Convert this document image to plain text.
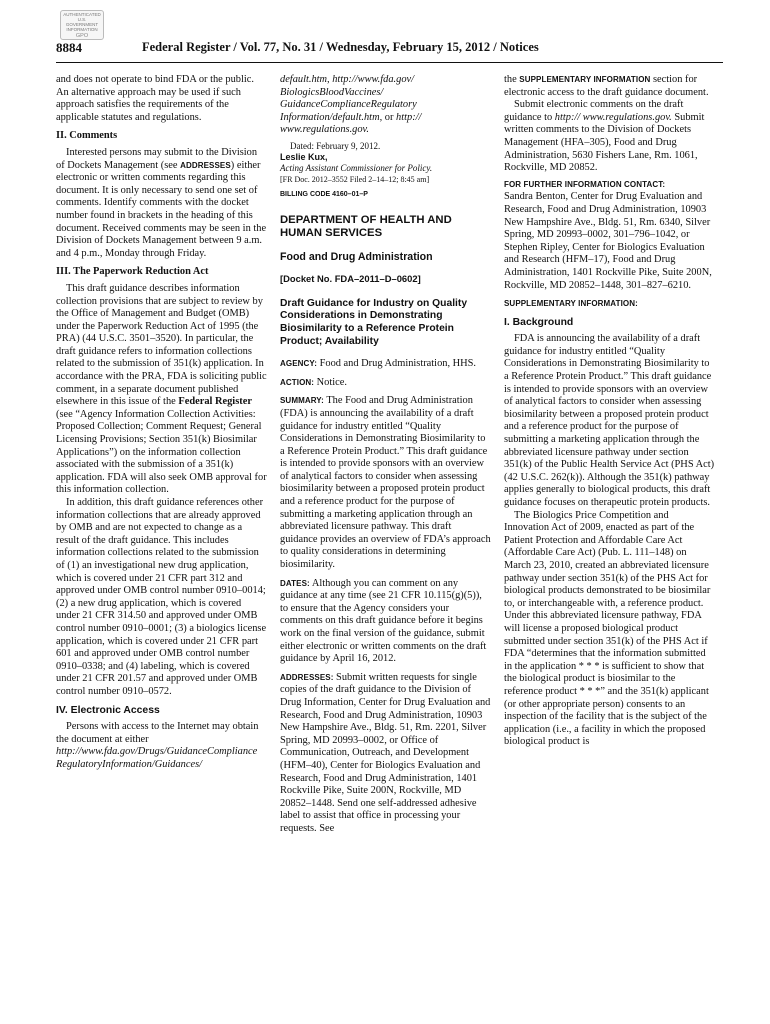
AUTHENTICATED
U.S. GOVERNMENT
INFORMATION
GPO
8884	Federal Register / Vol. 77, No. 31 / Wednesday, February 15, 2012 / Notices

and does not operate to bind FDA or the public. An alternative approach may be used if such approach satisfies the requirements of the applicable statutes and regulations.

II. Comments

Interested persons may submit to the Division of Dockets Management (see ADDRESSES) either electronic or written comments regarding this document. It is only necessary to send one set of comments. Identify comments with the docket number found in brackets in the heading of this document. Received comments may be seen in the Division of Dockets Management between 9 a.m. and 4 p.m., Monday through Friday.

III. The Paperwork Reduction Act

This draft guidance describes information collection provisions that are subject to review by the Office of Management and Budget (OMB) under the Paperwork Reduction Act of 1995 (the PRA) (44 U.S.C. 3501–3520). In particular, the draft guidance refers to information collections related to the submission of 351(k) application. In accordance with the PRA, FDA is soliciting public comment, in a separate document published elsewhere in this issue of the Federal Register (see “Agency Information Collection Activities: Proposed Collection; Comment Request; General Licensing Provisions; Section 351(k) Biosimilar Applications”) on the information collection associated with the submission of a 351(k) application. FDA will also seek OMB approval for this information collection.

In addition, this draft guidance references other information collections that are already approved by OMB and are not expected to change as a result of the draft guidance. This includes information collections related to the submission of (1) an investigational new drug application, which is covered under 21 CFR part 312 and approved under OMB control number 0910–0014; (2) a new drug application, which is covered under 21 CFR 314.50 and approved under OMB control number 0910–0001; (3) a biologics license application, which is covered under 21 CFR part 601 and approved under OMB control number 0910–0338; and (4) labeling, which is covered under 21 CFR 201.57 and approved under OMB control number 0910–0572.

IV. Electronic Access

Persons with access to the Internet may obtain the document at either http://www.fda.gov/Drugs/GuidanceCompliance RegulatoryInformation/Guidances/

default.htm, http://www.fda.gov/ BiologicsBloodVaccines/ GuidanceComplianceRegulatory Information/default.htm, or http:// www.regulations.gov.

Dated: February 9, 2012.

Leslie Kux,

Acting Assistant Commissioner for Policy.

[FR Doc. 2012–3552 Filed 2–14–12; 8:45 am]

BILLING CODE 4160–01–P
DEPARTMENT OF HEALTH AND HUMAN SERVICES
Food and Drug Administration
[Docket No. FDA–2011–D–0602]
Draft Guidance for Industry on Quality Considerations in Demonstrating Biosimilarity to a Reference Protein Product; Availability

AGENCY: Food and Drug Administration, HHS.

ACTION: Notice.

SUMMARY: The Food and Drug Administration (FDA) is announcing the availability of a draft guidance for industry entitled “Quality Considerations in Demonstrating Biosimilarity to a Reference Protein Product.” This draft guidance is intended to provide sponsors with an overview of analytical factors to consider when assessing biosimilarity between a proposed protein product and a reference product for the purpose of submitting a marketing application through an abbreviated licensure pathway. This draft guidance provides an overview of FDA’s approach to quality considerations in determining biosimilarity.

DATES: Although you can comment on any guidance at any time (see 21 CFR 10.115(g)(5)), to ensure that the Agency considers your comments on this draft guidance before it begins work on the final version of the guidance, submit either electronic or written comments on the draft guidance by April 16, 2012.

ADDRESSES: Submit written requests for single copies of the draft guidance to the Division of Drug Information, Center for Drug Evaluation and Research, Food and Drug Administration, 10903 New Hampshire Ave., Bldg. 51, Rm. 2201, Silver Spring, MD 20993–0002, or Office of Communication, Outreach, and Development (HFM–40), Center for Biologics Evaluation and Research, Food and Drug Administration, 1401 Rockville Pike, Suite 200N, Rockville, MD 20852–1448. Send one self-addressed adhesive label to assist that office in processing your requests. See

the SUPPLEMENTARY INFORMATION section for electronic access to the draft guidance document.

Submit electronic comments on the draft guidance to http:// www.regulations.gov. Submit written comments to the Division of Dockets Management (HFA–305), Food and Drug Administration, 5630 Fishers Lane, Rm. 1061, Rockville, MD 20852.

FOR FURTHER INFORMATION CONTACT:

Sandra Benton, Center for Drug Evaluation and Research, Food and Drug Administration, 10903 New Hampshire Ave., Bldg. 51, Rm. 6340, Silver Spring, MD 20993–0002, 301–796–1042, or Stephen Ripley, Center for Biologics Evaluation and Research (HFM–17), Food and Drug Administration, 1401 Rockville Pike, Suite 200N, Rockville, MD 20852–1448, 301–827–6210.

SUPPLEMENTARY INFORMATION:

I. Background

FDA is announcing the availability of a draft guidance for industry entitled “Quality Considerations in Demonstrating Biosimilarity to a Reference Protein Product.” This draft guidance is intended to provide sponsors with an overview of analytical factors to consider when assessing biosimilarity between a proposed protein product and a reference product for the purpose of submitting a marketing application through the abbreviated licensure pathway under section 351(k) of the Public Health Service Act (PHS Act) (42 U.S.C. 262(k)). Although the 351(k) pathway applies generally to biological products, this draft guidance focuses on therapeutic protein products.

The Biologics Price Competition and Innovation Act of 2009, enacted as part of the Patient Protection and Affordable Care Act (Affordable Care Act) (Pub. L. 111–148) on March 23, 2010, created an abbreviated licensure pathway under section 351(k) of the PHS Act for biological products demonstrated to be biosimilar to, or interchangeable with, a reference product. Under this abbreviated licensure pathway, FDA will license a proposed biological product submitted under section 351(k) of the PHS Act if FDA “determines that the information submitted in the application * * * is sufficient to show that the biological product is biosimilar to the reference product * * *” and the 351(k) applicant (or other appropriate person) consents to an inspection of the facility that is the subject of the application (i.e., a facility in which the proposed biological product is
